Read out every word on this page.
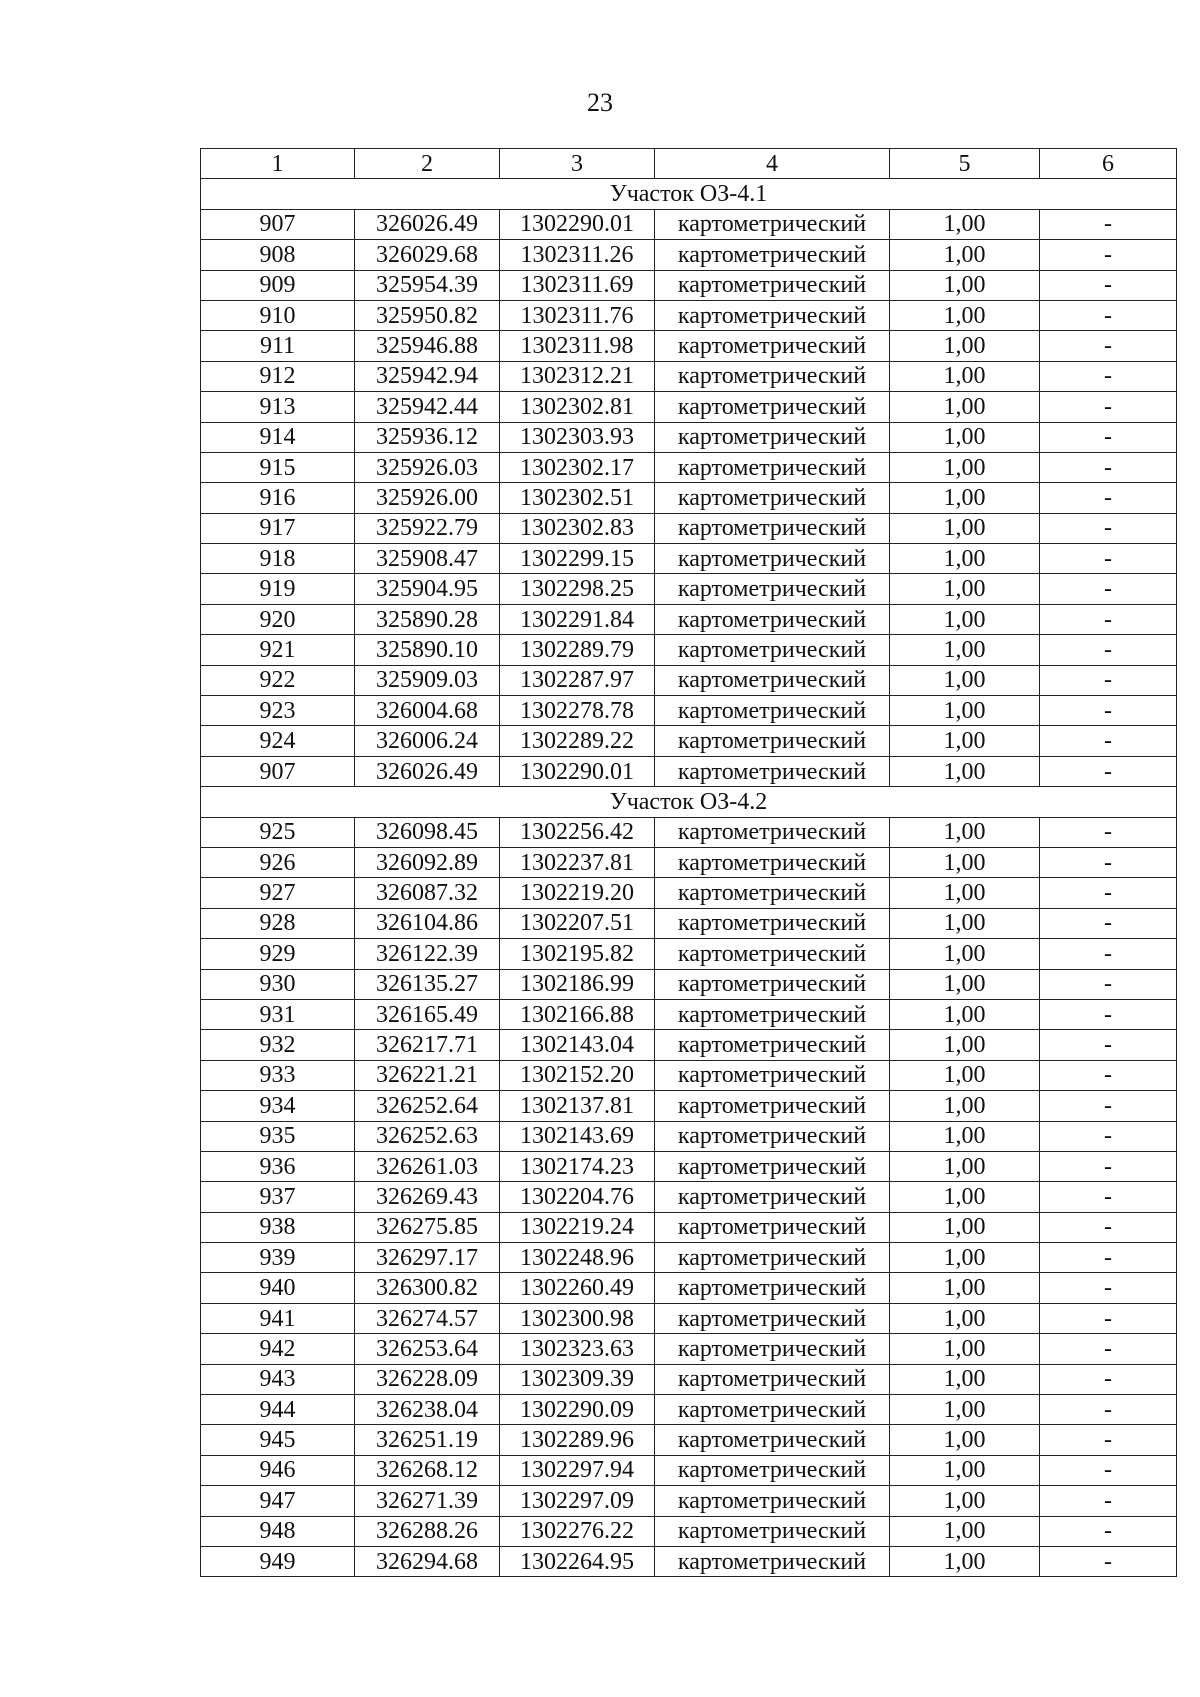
23
1	2	3	4	5	6
Участок ОЗ-4.1					
907	326026.49	1302290.01	картометрический	1,00	-
908	326029.68	1302311.26	картометрический	1,00	-
909	325954.39	1302311.69	картометрический	1,00	-
910	325950.82	1302311.76	картометрический	1,00	-
911	325946.88	1302311.98	картометрический	1,00	-
912	325942.94	1302312.21	картометрический	1,00	-
913	325942.44	1302302.81	картометрический	1,00	-
914	325936.12	1302303.93	картометрический	1,00	-
915	325926.03	1302302.17	картометрический	1,00	-
916	325926.00	1302302.51	картометрический	1,00	-
917	325922.79	1302302.83	картометрический	1,00	-
918	325908.47	1302299.15	картометрический	1,00	-
919	325904.95	1302298.25	картометрический	1,00	-
920	325890.28	1302291.84	картометрический	1,00	-
921	325890.10	1302289.79	картометрический	1,00	-
922	325909.03	1302287.97	картометрический	1,00	-
923	326004.68	1302278.78	картометрический	1,00	-
924	326006.24	1302289.22	картометрический	1,00	-
907	326026.49	1302290.01	картометрический	1,00	-
Участок ОЗ-4.2					
925	326098.45	1302256.42	картометрический	1,00	-
926	326092.89	1302237.81	картометрический	1,00	-
927	326087.32	1302219.20	картометрический	1,00	-
928	326104.86	1302207.51	картометрический	1,00	-
929	326122.39	1302195.82	картометрический	1,00	-
930	326135.27	1302186.99	картометрический	1,00	-
931	326165.49	1302166.88	картометрический	1,00	-
932	326217.71	1302143.04	картометрический	1,00	-
933	326221.21	1302152.20	картометрический	1,00	-
934	326252.64	1302137.81	картометрический	1,00	-
935	326252.63	1302143.69	картометрический	1,00	-
936	326261.03	1302174.23	картометрический	1,00	-
937	326269.43	1302204.76	картометрический	1,00	-
938	326275.85	1302219.24	картометрический	1,00	-
939	326297.17	1302248.96	картометрический	1,00	-
940	326300.82	1302260.49	картометрический	1,00	-
941	326274.57	1302300.98	картометрический	1,00	-
942	326253.64	1302323.63	картометрический	1,00	-
943	326228.09	1302309.39	картометрический	1,00	-
944	326238.04	1302290.09	картометрический	1,00	-
945	326251.19	1302289.96	картометрический	1,00	-
946	326268.12	1302297.94	картометрический	1,00	-
947	326271.39	1302297.09	картометрический	1,00	-
948	326288.26	1302276.22	картометрический	1,00	-
949	326294.68	1302264.95	картометрический	1,00	-
